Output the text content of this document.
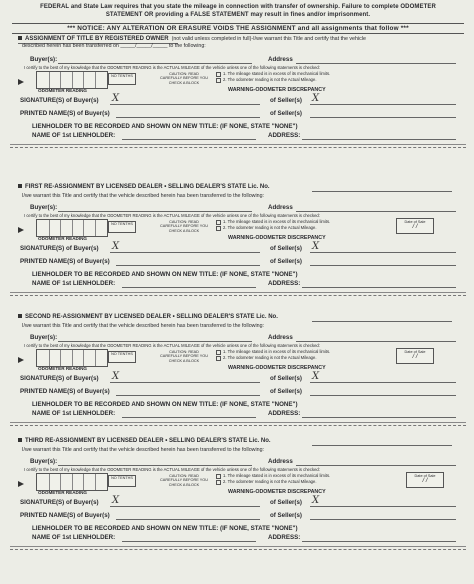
FEDERAL and State Law requires that you state the mileage in connection with transfer of ownership. Failure to complete ODOMETER
STATEMENT OR providing a FALSE STATEMENT may result in fines and/or imprisonment.
*** NOTICE: ANY ALTERATION OR ERASURE VOIDS THE ASSIGNMENT and all assignments that follow ***
ASSIGNMENT OF TITLE BY REGISTERED OWNER (not valid unless completed in full)-I/we warrant this Title and certify that the vehicle
described herein has been transferred on _____/_____/_____ to the following:
Buyer(s):	Address
I certify to the best of my knowledge that the ODOMETER READING is the ACTUAL MILEAGE of the vehicle unless one of the following statements is checked:
NO TENTHS	CAUTION: READ CAREFULLY BEFORE YOU CHECK A BLOCK
1. The mileage stated is in excess of its mechanical limits.
2. The odometer reading is not the Actual Mileage.
ODOMETER READING	WARNING-ODOMETER DISCREPANCY
SIGNATURE(S) of Buyer(s) X	of Seller(s) X
PRINTED NAME(S) of Buyer(s)	of Seller(s)
LIENHOLDER TO BE RECORDED AND SHOWN ON NEW TITLE: (IF NONE, STATE "NONE")
NAME OF 1st LIENHOLDER:	ADDRESS:
FIRST RE-ASSIGNMENT BY LICENSED DEALER • SELLING DEALER'S STATE Lic. No.
I/we warrant this Title and certify that the vehicle described herein has been transferred to the following:
Buyer(s):	Address
I certify to the best of my knowledge that the ODOMETER READING is the ACTUAL MILEAGE of the vehicle unless one of the following statements is checked:
NO TENTHS	CAUTION: READ CAREFULLY BEFORE YOU CHECK A BLOCK
1. The mileage stated is in excess of its mechanical limits.
2. The odometer reading is not the Actual Mileage.
Date of Sale
/ /
ODOMETER READING	WARNING-ODOMETER DISCREPANCY
SIGNATURE(S) of Buyer(s) X	of Seller(s) X
PRINTED NAME(S) of Buyer(s)	of Seller(s)
LIENHOLDER TO BE RECORDED AND SHOWN ON NEW TITLE: (IF NONE, STATE "NONE")
NAME OF 1st LIENHOLDER:	ADDRESS:
SECOND RE-ASSIGNMENT BY LICENSED DEALER • SELLING DEALER'S STATE Lic. No.
I/we warrant this Title and certify that the vehicle described herein has been transferred to the following:
Buyer(s):	Address
I certify to the best of my knowledge that the ODOMETER READING is the ACTUAL MILEAGE of the vehicle unless one of the following statements is checked:
NO TENTHS	CAUTION: READ CAREFULLY BEFORE YOU CHECK A BLOCK
1. The mileage stated is in excess of its mechanical limits.
2. The odometer reading is not the Actual Mileage.
Date of Sale
/ /
ODOMETER READING	WARNING-ODOMETER DISCREPANCY
SIGNATURE(S) of Buyer(s) X	of Seller(s) X
PRINTED NAME(S) of Buyer(s)	of Seller(s)
LIENHOLDER TO BE RECORDED AND SHOWN ON NEW TITLE: (IF NONE, STATE "NONE")
NAME OF 1st LIENHOLDER:	ADDRESS:
THIRD RE-ASSIGNMENT BY LICENSED DEALER • SELLING DEALER'S STATE Lic. No.
I/we warrant this Title and certify that the vehicle described herein has been transferred to the following:
Buyer(s):	Address
I certify to the best of my knowledge that the ODOMETER READING is the ACTUAL MILEAGE of the vehicle unless one of the following statements is checked:
NO TENTHS	CAUTION: READ CAREFULLY BEFORE YOU CHECK A BLOCK
1. The mileage stated is in excess of its mechanical limits.
2. The odometer reading is not the Actual Mileage.
Date of Sale
/ /
ODOMETER READING	WARNING-ODOMETER DISCREPANCY
SIGNATURE(S) of Buyer(s) X	of Seller(s) X
PRINTED NAME(S) of Buyer(s)	of Seller(s)
LIENHOLDER TO BE RECORDED AND SHOWN ON NEW TITLE: (IF NONE, STATE "NONE")
NAME OF 1st LIENHOLDER:	ADDRESS:
